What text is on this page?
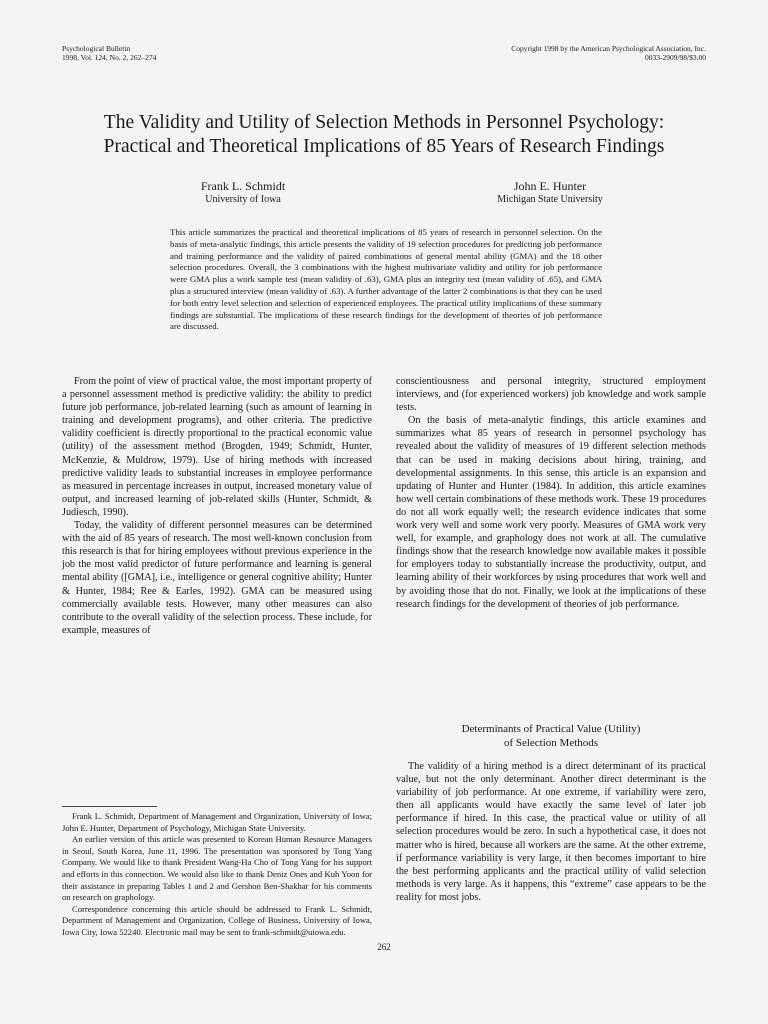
Psychological Bulletin
1998, Vol. 124, No. 2, 262–274
Copyright 1998 by the American Psychological Association, Inc.
0033-2909/98/$3.00
The Validity and Utility of Selection Methods in Personnel Psychology:
Practical and Theoretical Implications of 85 Years of Research Findings
Frank L. Schmidt
University of Iowa
John E. Hunter
Michigan State University
This article summarizes the practical and theoretical implications of 85 years of research in personnel selection. On the basis of meta-analytic findings, this article presents the validity of 19 selection procedures for predicting job performance and training performance and the validity of paired combinations of general mental ability (GMA) and the 18 other selection procedures. Overall, the 3 combinations with the highest multivariate validity and utility for job performance were GMA plus a work sample test (mean validity of .63), GMA plus an integrity test (mean validity of .65), and GMA plus a structured interview (mean validity of .63). A further advantage of the latter 2 combinations is that they can be used for both entry level selection and selection of experienced employees. The practical utility implications of these summary findings are substantial. The implications of these research findings for the development of theories of job performance are discussed.

From the point of view of practical value, the most important property of a personnel assessment method is predictive validity: the ability to predict future job performance, job-related learning (such as amount of learning in training and development programs), and other criteria. The predictive validity coefficient is directly proportional to the practical economic value (utility) of the assessment method (Brogden, 1949; Schmidt, Hunter, McKenzie, & Muldrow, 1979). Use of hiring methods with increased predictive validity leads to substantial increases in employee performance as measured in percentage increases in output, increased monetary value of output, and increased learning of job-related skills (Hunter, Schmidt, & Judiesch, 1990).

Today, the validity of different personnel measures can be determined with the aid of 85 years of research. The most well-known conclusion from this research is that for hiring employees without previous experience in the job the most valid predictor of future performance and learning is general mental ability ([GMA], i.e., intelligence or general cognitive ability; Hunter & Hunter, 1984; Ree & Earles, 1992). GMA can be measured using commercially available tests. However, many other measures can also contribute to the overall validity of the selection process. These include, for example, measures of

conscientiousness and personal integrity, structured employment interviews, and (for experienced workers) job knowledge and work sample tests.

On the basis of meta-analytic findings, this article examines and summarizes what 85 years of research in personnel psychology has revealed about the validity of measures of 19 different selection methods that can be used in making decisions about hiring, training, and developmental assignments. In this sense, this article is an expansion and updating of Hunter and Hunter (1984). In addition, this article examines how well certain combinations of these methods work. These 19 procedures do not all work equally well; the research evidence indicates that some work very well and some work very poorly. Measures of GMA work very well, for example, and graphology does not work at all. The cumulative findings show that the research knowledge now available makes it possible for employers today to substantially increase the productivity, output, and learning ability of their workforces by using procedures that work well and by avoiding those that do not. Finally, we look at the implications of these research findings for the development of theories of job performance.

Determinants of Practical Value (Utility)
of Selection Methods

The validity of a hiring method is a direct determinant of its practical value, but not the only determinant. Another direct determinant is the variability of job performance. At one extreme, if variability were zero, then all applicants would have exactly the same level of later job performance if hired. In this case, the practical value or utility of all selection procedures would be zero. In such a hypothetical case, it does not matter who is hired, because all workers are the same. At the other extreme, if performance variability is very large, it then becomes important to hire the best performing applicants and the practical utility of valid selection methods is very large. As it happens, this “extreme” case appears to be the reality for most jobs.

Frank L. Schmidt, Department of Management and Organization, University of Iowa; John E. Hunter, Department of Psychology, Michigan State University.

An earlier version of this article was presented to Korean Human Resource Managers in Seoul, South Korea, June 11, 1996. The presentation was sponsored by Tong Yang Company. We would like to thank President Wang-Ha Cho of Tong Yang for his support and efforts in this connection. We would also like to thank Deniz Ones and Kuh Yoon for their assistance in preparing Tables 1 and 2 and Gershon Ben-Shakhar for his comments on research on graphology.

Correspondence concerning this article should be addressed to Frank L. Schmidt, Department of Management and Organization, College of Business, University of Iowa, Iowa City, Iowa 52240. Electronic mail may be sent to frank-schmidt@uiowa.edu.

262
